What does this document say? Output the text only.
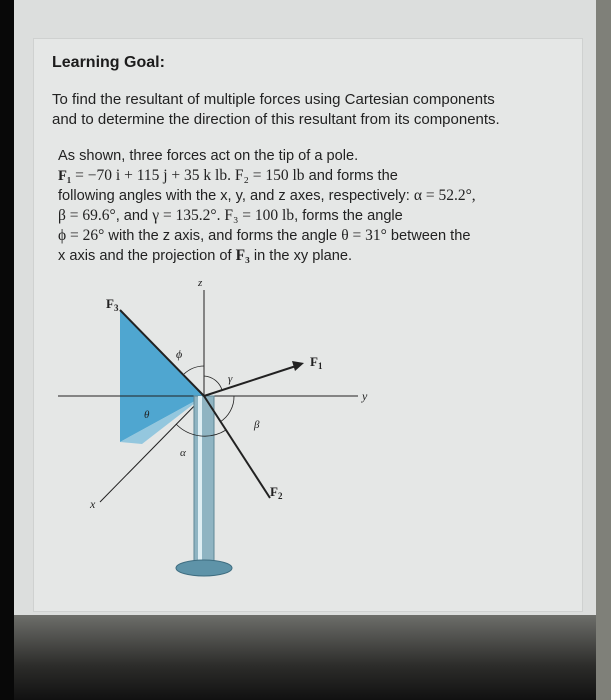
Learning Goal:
To find the resultant of multiple forces using Cartesian components
and to determine the direction of this resultant from its components.
As shown, three forces act on the tip of a pole.
F₁ = −70 i + 115 j + 35 k lb. F₂ = 150 lb and forms the
following angles with the x, y, and z axes, respectively: α = 52.2°,
β = 69.6°, and γ = 135.2°. F₃ = 100 lb, forms the angle
ϕ = 26° with the z axis, and forms the angle θ = 31° between the
x axis and the projection of F₃ in the xy plane.
z
y
x
$F_3$
$F_1$
$F_2$
ϕ
γ
θ
β
α
